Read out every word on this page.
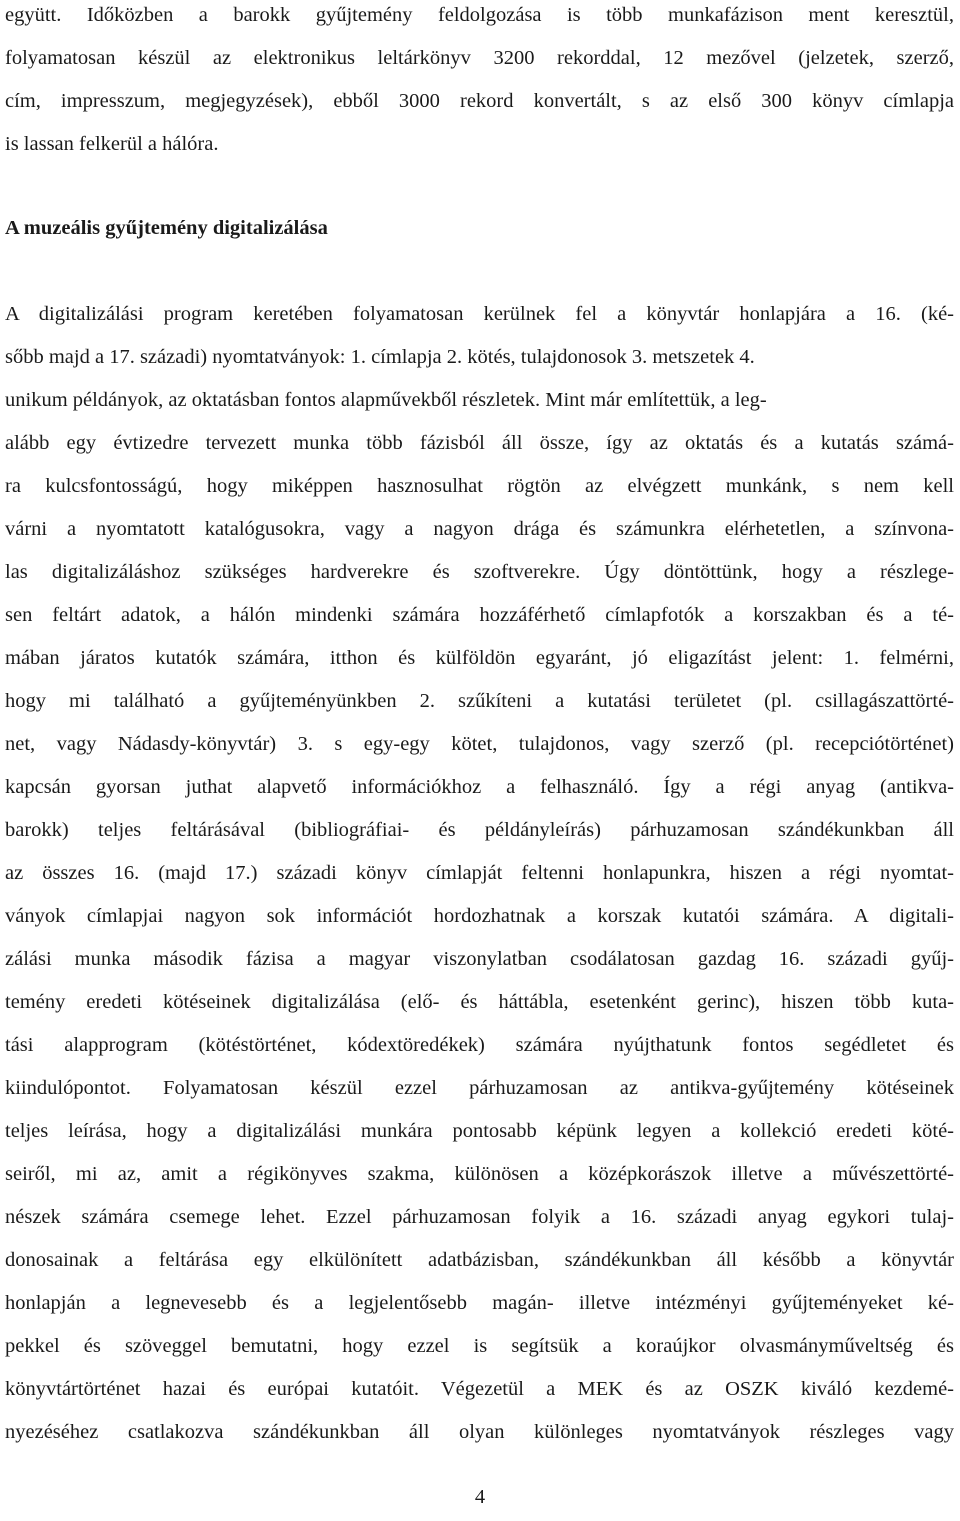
együtt. Időközben a barokk gyűjtemény feldolgozása is több munkafázison ment keresztül,
folyamatosan készül az elektronikus leltárkönyv 3200 rekorddal, 12 mezővel (jelzetek, szerző,
cím, impresszum, megjegyzések), ebből 3000 rekord konvertált, s az első 300 könyv címlapja
is lassan felkerül a hálóra.
A muzeális gyűjtemény digitalizálása
A digitalizálási program keretében folyamatosan kerülnek fel a könyvtár honlapjára a 16. (ké-
sőbb majd a 17. századi) nyomtatványok: 1. címlapja 2. kötés, tulajdonosok 3. metszetek 4.
unikum példányok, az oktatásban fontos alapművekből részletek. Mint már említettük, a leg-
alább egy évtizedre tervezett munka több fázisból áll össze, így az oktatás és a kutatás számá-
ra kulcsfontosságú, hogy miképpen hasznosulhat rögtön az elvégzett munkánk, s nem kell
várni a nyomtatott katalógusokra, vagy a nagyon drága és számunkra elérhetetlen, a színvona-
las digitalizáláshoz szükséges hardverekre és szoftverekre. Úgy döntöttünk, hogy a részlege-
sen feltárt adatok, a hálón mindenki számára hozzáférhető címlapfotók a korszakban és a té-
mában járatos kutatók számára, itthon és külföldön egyaránt, jó eligazítást jelent: 1. felmérni,
hogy mi található a gyűjteményünkben 2. szűkíteni a kutatási területet (pl. csillagászattörté-
net, vagy Nádasdy-könyvtár) 3. s egy-egy kötet, tulajdonos, vagy szerző (pl. recepciótörténet)
kapcsán gyorsan juthat alapvető információkhoz a felhasználó. Így a régi anyag (antikva-
barokk) teljes feltárásával (bibliográfiai- és példányleírás) párhuzamosan szándékunkban áll
az összes 16. (majd 17.) századi könyv címlapját feltenni honlapunkra, hiszen a régi nyomtat-
ványok címlapjai nagyon sok információt hordozhatnak a korszak kutatói számára. A digitali-
zálási munka második fázisa a magyar viszonylatban csodálatosan gazdag 16. századi gyűj-
temény eredeti kötéseinek digitalizálása (elő- és háttábla, esetenként gerinc), hiszen több kuta-
tási alapprogram (kötéstörténet, kódextöredékek) számára nyújthatunk fontos segédletet és
kiindulópontot. Folyamatosan készül ezzel párhuzamosan az antikva-gyűjtemény kötéseinek
teljes leírása, hogy a digitalizálási munkára pontosabb képünk legyen a kollekció eredeti köté-
seiről, mi az, amit a régikönyves szakma, különösen a középkorászok illetve a művészettörté-
nészek számára csemege lehet. Ezzel párhuzamosan folyik a 16. századi anyag egykori tulaj-
donosainak a feltárása egy elkülönített adatbázisban, szándékunkban áll később a könyvtár
honlapján a legnevesebb és a legjelentősebb magán- illetve intézményi gyűjteményeket ké-
pekkel és szöveggel bemutatni, hogy ezzel is segítsük a koraújkor olvasmányműveltség és
könyvtártörténet hazai és európai kutatóit. Végezetül a MEK és az OSZK kiváló kezdemé-
nyezéséhez csatlakozva szándékunkban áll olyan különleges nyomtatványok részleges vagy
4
